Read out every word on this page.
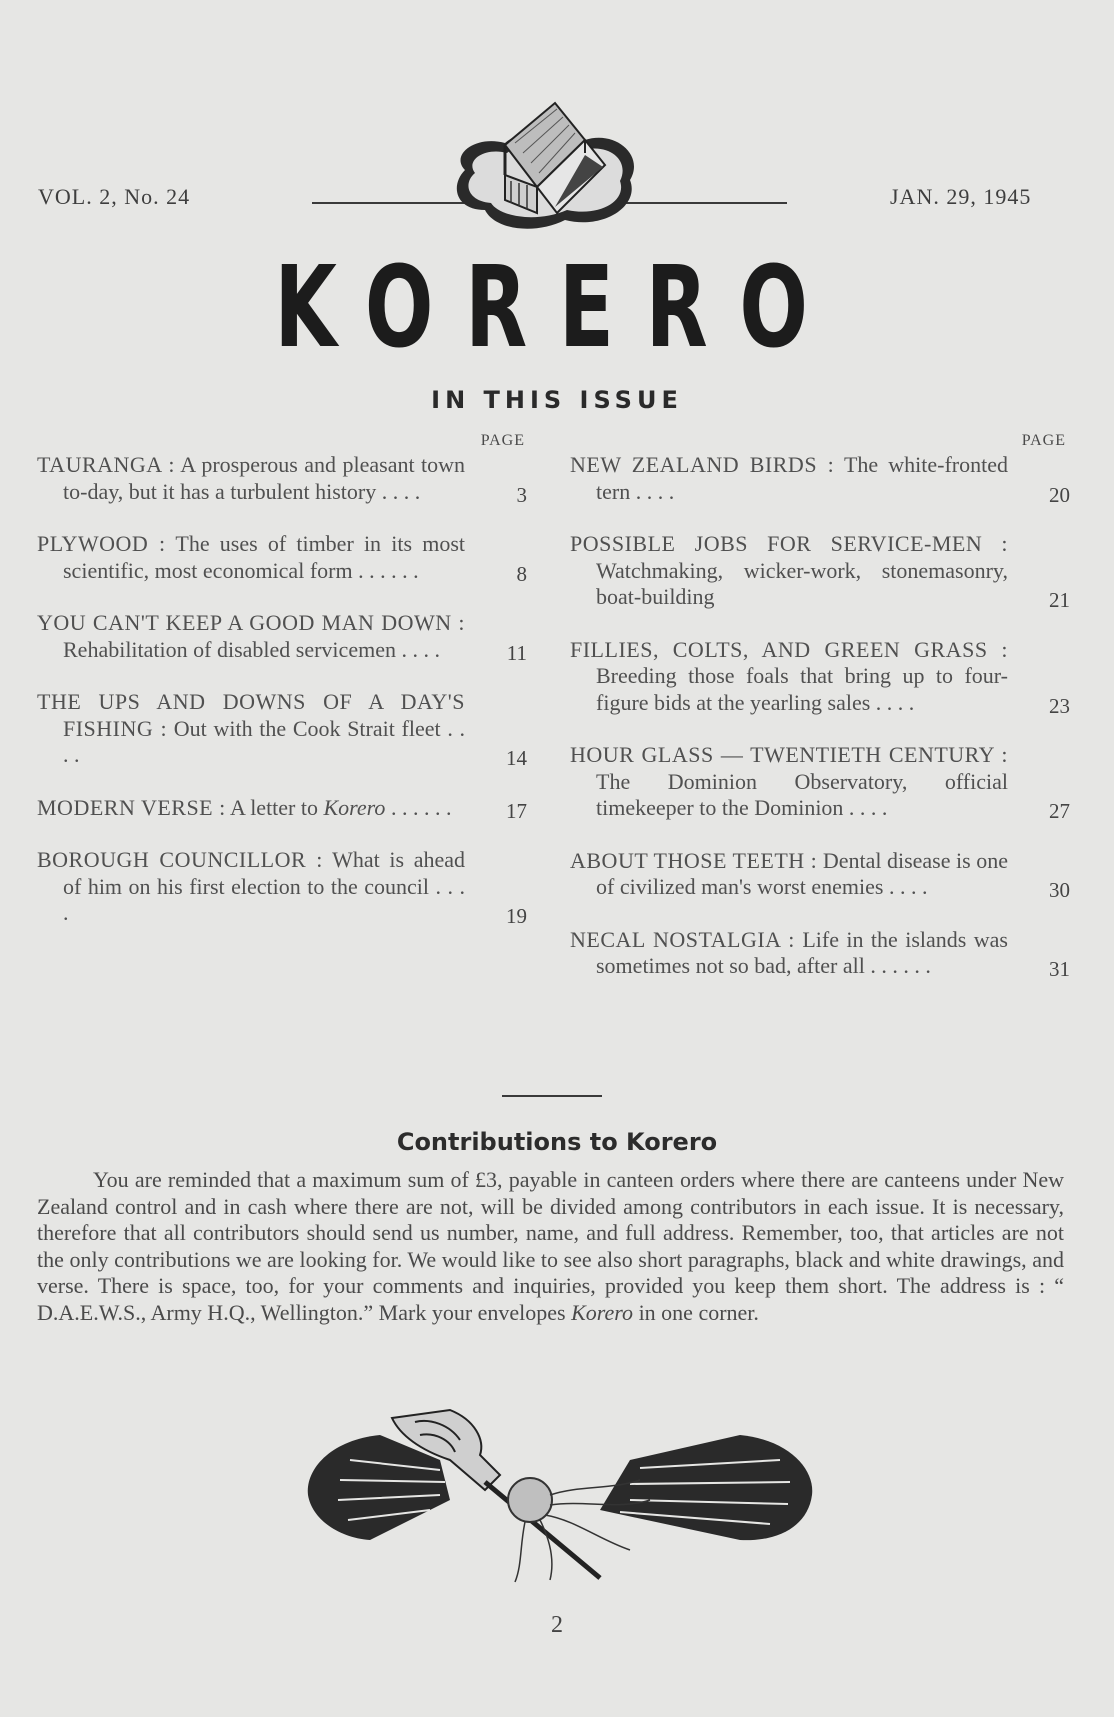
VOL. 2, No. 24	JAN. 29, 1945
KORERO
IN THIS ISSUE
PAGE
TAURANGA : A prosperous and pleasant town to-day, but it has a turbulent history . . . .	3
PLYWOOD : The uses of timber in its most scientific, most economical form . . . . . .	8
YOU CAN'T KEEP A GOOD MAN DOWN : Rehabilitation of disabled servicemen . . . .	11
THE UPS AND DOWNS OF A DAY'S FISHING : Out with the Cook Strait fleet . . . .	14
MODERN VERSE : A letter to Korero . . . . . .	17
BOROUGH COUNCILLOR : What is ahead of him on his first election to the council . . . .	19
PAGE
NEW ZEALAND BIRDS : The white-fronted tern . . . .	20
POSSIBLE JOBS FOR SERVICE-MEN : Watchmaking, wicker-work, stonemasonry, boat-building	21
FILLIES, COLTS, AND GREEN GRASS : Breeding those foals that bring up to four-figure bids at the yearling sales . . . .	23
HOUR GLASS — TWENTIETH CENTURY : The Dominion Observatory, official timekeeper to the Dominion . . . .	27
ABOUT THOSE TEETH : Dental disease is one of civilized man's worst enemies . . . .	30
NECAL NOSTALGIA : Life in the islands was sometimes not so bad, after all . . . . . .	31
Contributions to Korero
You are reminded that a maximum sum of £3, payable in canteen orders where there are canteens under New Zealand control and in cash where there are not, will be divided among contributors in each issue. It is necessary, therefore that all contributors should send us number, name, and full address. Remember, too, that articles are not the only contributions we are looking for. We would like to see also short paragraphs, black and white drawings, and verse. There is space, too, for your comments and inquiries, provided you keep them short. The address is : “ D.A.E.W.S., Army H.Q., Wellington.” Mark your envelopes Korero in one corner.
2
